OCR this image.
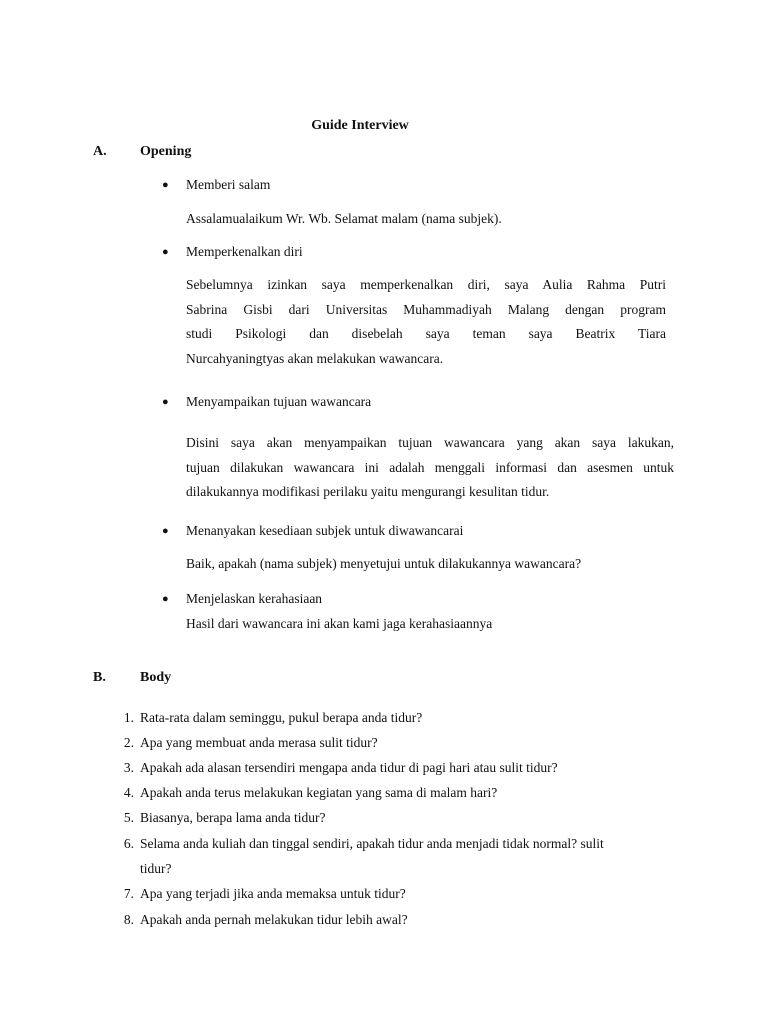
Guide Interview
A. Opening
● Memberi salam
Assalamualaikum Wr. Wb. Selamat malam (nama subjek).
● Memperkenalkan diri
Sebelumnya izinkan saya memperkenalkan diri, saya Aulia Rahma Putri
Sabrina Gisbi dari Universitas Muhammadiyah Malang dengan program
studi Psikologi dan disebelah saya teman saya Beatrix Tiara
Nurcahyaningtyas akan melakukan wawancara.
● Menyampaikan tujuan wawancara
Disini saya akan menyampaikan tujuan wawancara yang akan saya lakukan,
tujuan dilakukan wawancara ini adalah menggali informasi dan asesmen untuk
dilakukannya modifikasi perilaku yaitu mengurangi kesulitan tidur.
● Menanyakan kesediaan subjek untuk diwawancarai
Baik, apakah (nama subjek) menyetujui untuk dilakukannya wawancara?
● Menjelaskan kerahasiaan
Hasil dari wawancara ini akan kami jaga kerahasiaannya
B. Body
1. Rata-rata dalam seminggu, pukul berapa anda tidur?
2. Apa yang membuat anda merasa sulit tidur?
3. Apakah ada alasan tersendiri mengapa anda tidur di pagi hari atau sulit tidur?
4. Apakah anda terus melakukan kegiatan yang sama di malam hari?
5. Biasanya, berapa lama anda tidur?
6. Selama anda kuliah dan tinggal sendiri, apakah tidur anda menjadi tidak normal? sulit
tidur?
7. Apa yang terjadi jika anda memaksa untuk tidur?
8. Apakah anda pernah melakukan tidur lebih awal?
